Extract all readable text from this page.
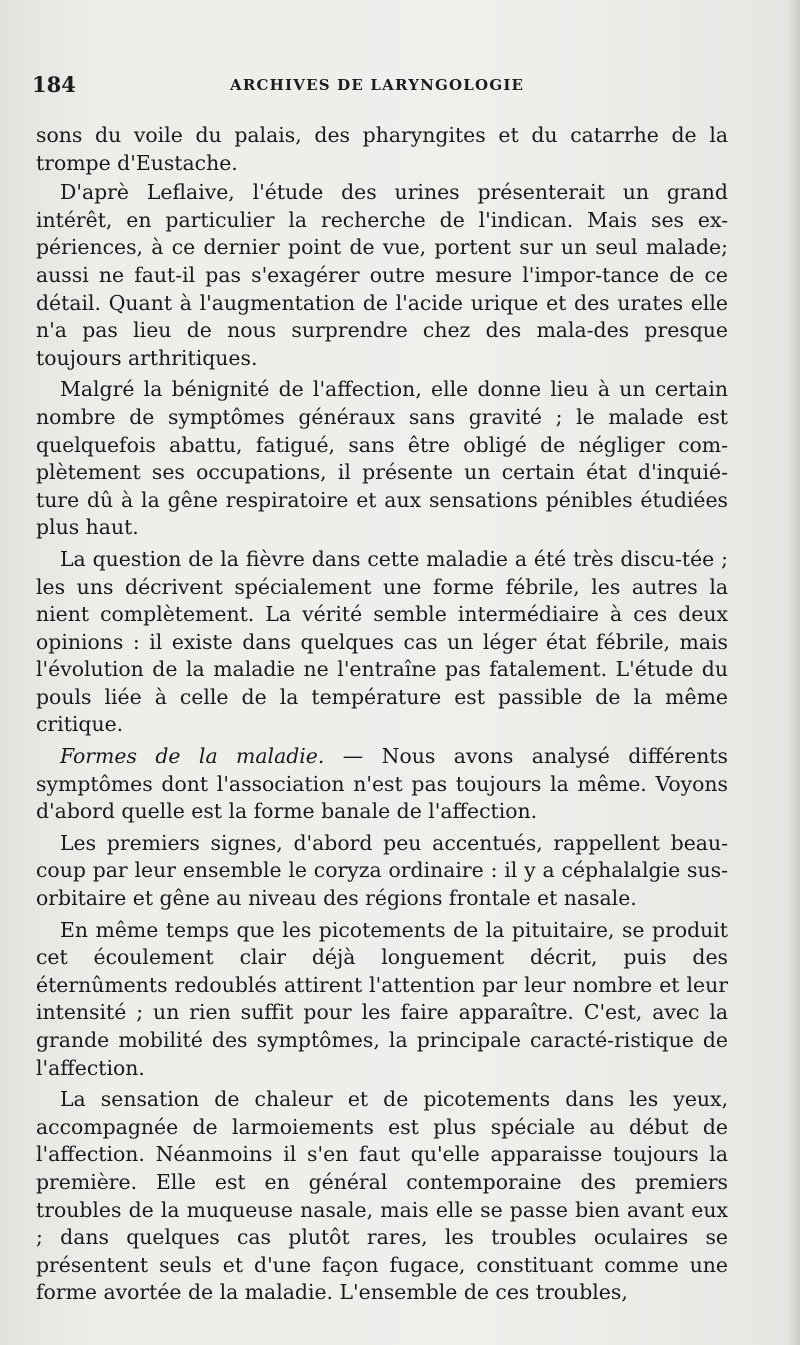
184	ARCHIVES DE LARYNGOLOGIE

sons du voile du palais, des pharyngites et du catarrhe de la trompe d'Eustache.

D'aprè Leflaive, l'étude des urines présenterait un grand intérêt, en particulier la recherche de l'indican. Mais ses ex-périences, à ce dernier point de vue, portent sur un seul malade; aussi ne faut-il pas s'exagérer outre mesure l'impor-tance de ce détail. Quant à l'augmentation de l'acide urique et des urates elle n'a pas lieu de nous surprendre chez des mala-des presque toujours arthritiques.

Malgré la bénignité de l'affection, elle donne lieu à un certain nombre de symptômes généraux sans gravité ; le malade est quelquefois abattu, fatigué, sans être obligé de négliger com-plètement ses occupations, il présente un certain état d'inquié-ture dû à la gêne respiratoire et aux sensations pénibles étudiées plus haut.

La question de la fièvre dans cette maladie a été très discu-tée ; les uns décrivent spécialement une forme fébrile, les autres la nient complètement. La vérité semble intermédiaire à ces deux opinions : il existe dans quelques cas un léger état fébrile, mais l'évolution de la maladie ne l'entraîne pas fatalement. L'étude du pouls liée à celle de la température est passible de la même critique.

Formes de la maladie. — Nous avons analysé différents symptômes dont l'association n'est pas toujours la même. Voyons d'abord quelle est la forme banale de l'affection.

Les premiers signes, d'abord peu accentués, rappellent beau-coup par leur ensemble le coryza ordinaire : il y a céphalalgie sus-orbitaire et gêne au niveau des régions frontale et nasale.

En même temps que les picotements de la pituitaire, se produit cet écoulement clair déjà longuement décrit, puis des éternûments redoublés attirent l'attention par leur nombre et leur intensité ; un rien suffit pour les faire apparaître. C'est, avec la grande mobilité des symptômes, la principale caracté-ristique de l'affection.

La sensation de chaleur et de picotements dans les yeux, accompagnée de larmoiements est plus spéciale au début de l'affection. Néanmoins il s'en faut qu'elle apparaisse toujours la première. Elle est en général contemporaine des premiers troubles de la muqueuse nasale, mais elle se passe bien avant eux ; dans quelques cas plutôt rares, les troubles oculaires se présentent seuls et d'une façon fugace, constituant comme une forme avortée de la maladie. L'ensemble de ces troubles,
